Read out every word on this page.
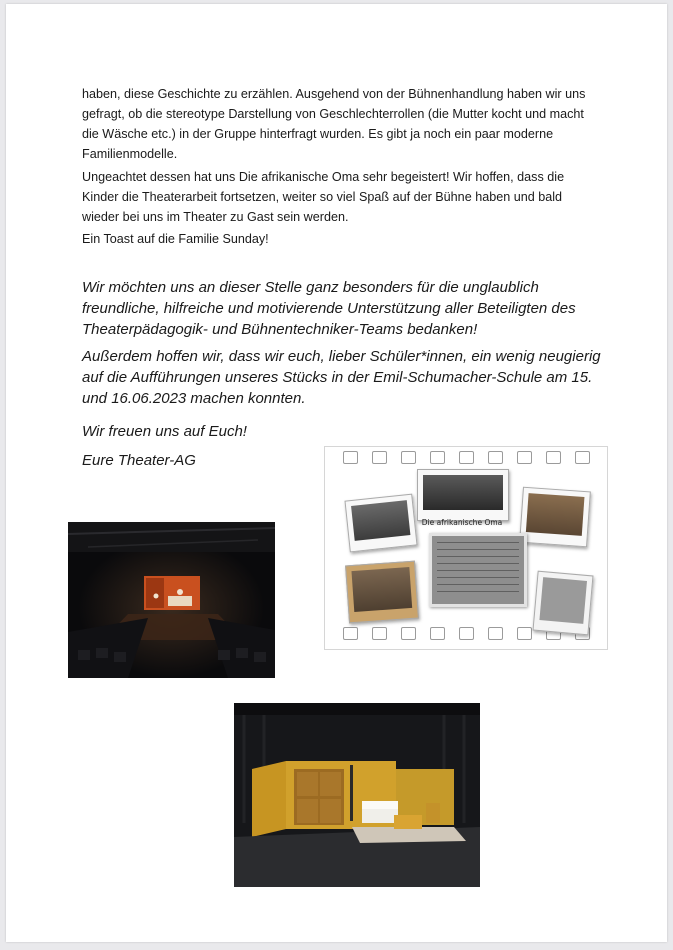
haben, diese Geschichte zu erzählen. Ausgehend von der Bühnenhandlung haben wir uns gefragt, ob die stereotype Darstellung von Geschlechterrollen (die Mutter kocht und macht die Wäsche etc.) in der Gruppe hinterfragt wurden. Es gibt ja noch ein paar moderne Familienmodelle.

Ungeachtet dessen hat uns Die afrikanische Oma sehr begeistert! Wir hoffen, dass die Kinder die Theaterarbeit fortsetzen, weiter so viel Spaß auf der Bühne haben und bald wieder bei uns im Theater zu Gast sein werden.

Ein Toast auf die Familie Sunday!

Wir möchten uns an dieser Stelle ganz besonders für die unglaublich freundliche, hilfreiche und motivierende Unterstützung aller Beteiligten des Theaterpädagogik- und Bühnentechniker-Teams bedanken!

Außerdem hoffen wir, dass wir euch, lieber Schüler*innen, ein wenig neugierig auf die Aufführungen unseres Stücks in der Emil-Schumacher-Schule am 15. und 16.06.2023 machen konnten.

Wir freuen uns auf Euch!

Eure Theater-AG

Die afrikanische Oma
